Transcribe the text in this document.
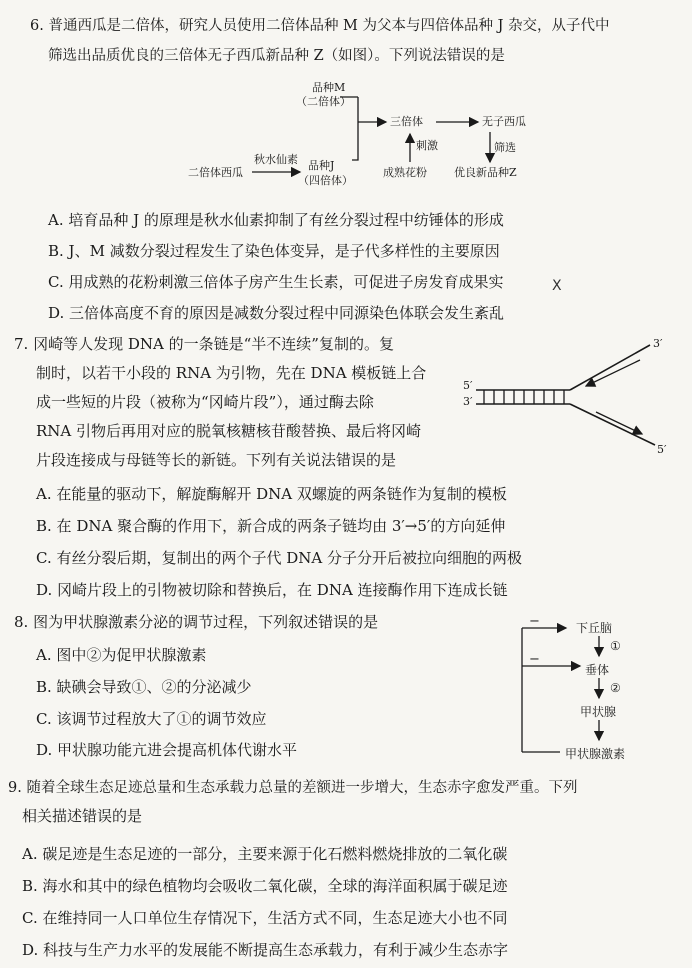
6. 普通西瓜是二倍体，研究人员使用二倍体品种 M 为父本与四倍体品种 J 杂交，从子代中
筛选出品质优良的三倍体无子西瓜新品种 Z（如图）。下列说法错误的是
品种M
（二倍体）
三倍体	无子西瓜
刺激	筛选
二倍体西瓜
秋水仙素 品种J
（四倍体）
成熟花粉 优良新品种Z
A. 培育品种 J 的原理是秋水仙素抑制了有丝分裂过程中纺锤体的形成
B. J、M 减数分裂过程发生了染色体变异，是子代多样性的主要原因
C. 用成熟的花粉刺激三倍体子房产生生长素，可促进子房发育成果实	X
D. 三倍体高度不育的原因是减数分裂过程中同源染色体联会发生紊乱
7. 冈崎等人发现 DNA 的一条链是“半不连续”复制的。复
制时，以若干小段的 RNA 为引物，先在 DNA 模板链上合
成一些短的片段（被称为“冈崎片段”），通过酶去除
RNA 引物后再用对应的脱氧核糖核苷酸替换、最后将冈崎
片段连接成与母链等长的新链。下列有关说法错误的是
5′
3′
3′
5′
A. 在能量的驱动下，解旋酶解开 DNA 双螺旋的两条链作为复制的模板
B. 在 DNA 聚合酶的作用下，新合成的两条子链均由 3′→5′的方向延伸
C. 有丝分裂后期，复制出的两个子代 DNA 分子分开后被拉向细胞的两极
D. 冈崎片段上的引物被切除和替换后，在 DNA 连接酶作用下连成长链
8. 图为甲状腺激素分泌的调节过程，下列叙述错误的是
A. 图中②为促甲状腺激素
B. 缺碘会导致①、②的分泌减少
C. 该调节过程放大了①的调节效应
D. 甲状腺功能亢进会提高机体代谢水平
−
−
下丘脑
①
垂体
②
甲状腺
甲状腺激素
9. 随着全球生态足迹总量和生态承载力总量的差额进一步增大，生态赤字愈发严重。下列
相关描述错误的是
A. 碳足迹是生态足迹的一部分，主要来源于化石燃料燃烧排放的二氧化碳
B. 海水和其中的绿色植物均会吸收二氧化碳，全球的海洋面积属于碳足迹
C. 在维持同一人口单位生存情况下，生活方式不同，生态足迹大小也不同
D. 科技与生产力水平的发展能不断提高生态承载力，有利于减少生态赤字
